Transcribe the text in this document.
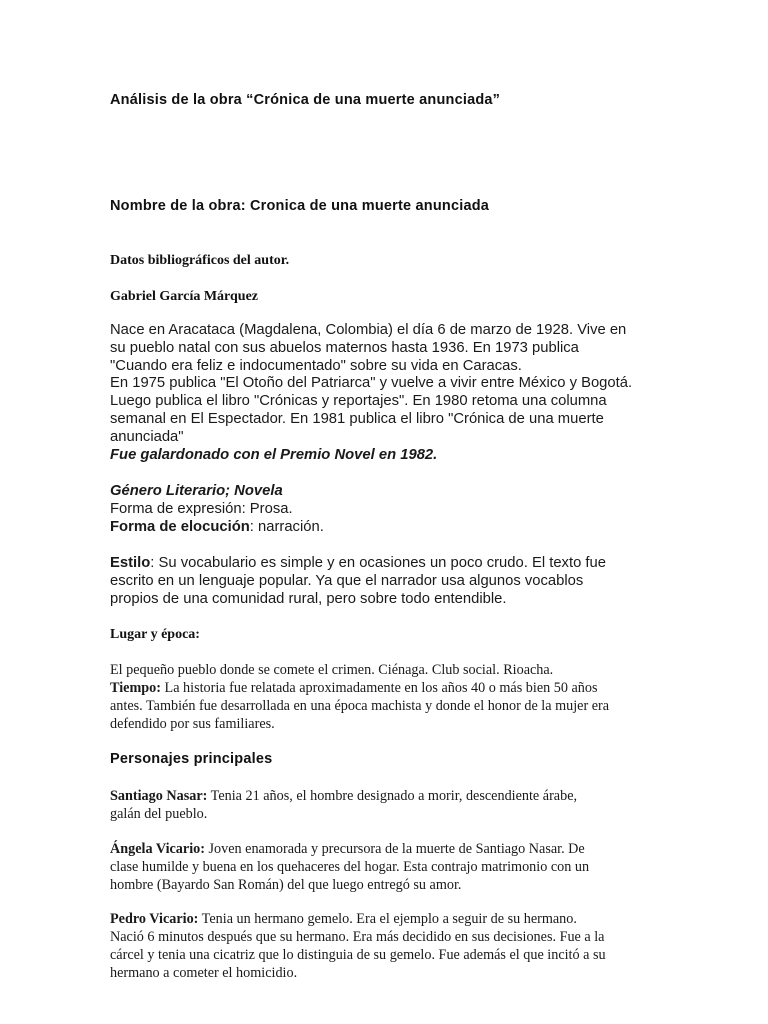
Análisis de la obra “Crónica de una muerte anunciada”
Nombre de la obra: Cronica de una muerte anunciada
Datos bibliográficos del autor.
Gabriel García Márquez

Nace en Aracataca (Magdalena, Colombia) el día 6 de marzo de 1928. Vive en

su pueblo natal con sus abuelos maternos hasta 1936. En 1973 publica

"Cuando era feliz e indocumentado" sobre su vida en Caracas.

En 1975 publica "El Otoño del Patriarca" y vuelve a vivir entre México y Bogotá.

Luego publica el libro "Crónicas y reportajes". En 1980 retoma una columna

semanal en El Espectador. En 1981 publica el libro "Crónica de una muerte

anunciada"

Fue galardonado con el Premio Novel en 1982.

Género Literario; Novela

Forma de expresión: Prosa.

Forma de elocución: narración.

Estilo: Su vocabulario es simple y en ocasiones un poco crudo. El texto fue

escrito en un lenguaje popular. Ya que el narrador usa algunos vocablos

propios de una comunidad rural, pero sobre todo entendible.

Lugar y época:

El pequeño pueblo donde se comete el crimen. Ciénaga. Club social. Rioacha.

Tiempo: La historia fue relatada aproximadamente en los años 40 o más bien 50 años

antes. También fue desarrollada en una época machista y donde el honor de la mujer era

defendido por sus familiares.

Personajes principales

Santiago Nasar: Tenia 21 años, el hombre designado a morir, descendiente árabe,

galán del pueblo.

Ángela Vicario: Joven enamorada y precursora de la muerte de Santiago Nasar. De

clase humilde y buena en los quehaceres del hogar. Esta contrajo matrimonio con un

hombre (Bayardo San Román) del que luego entregó su amor.

Pedro Vicario: Tenia un hermano gemelo. Era el ejemplo a seguir de su hermano.

Nació 6 minutos después que su hermano. Era más decidido en sus decisiones. Fue a la

cárcel y tenia una cicatriz que lo distinguia de su gemelo. Fue además el que incitó a su

hermano a cometer el homicidio.
